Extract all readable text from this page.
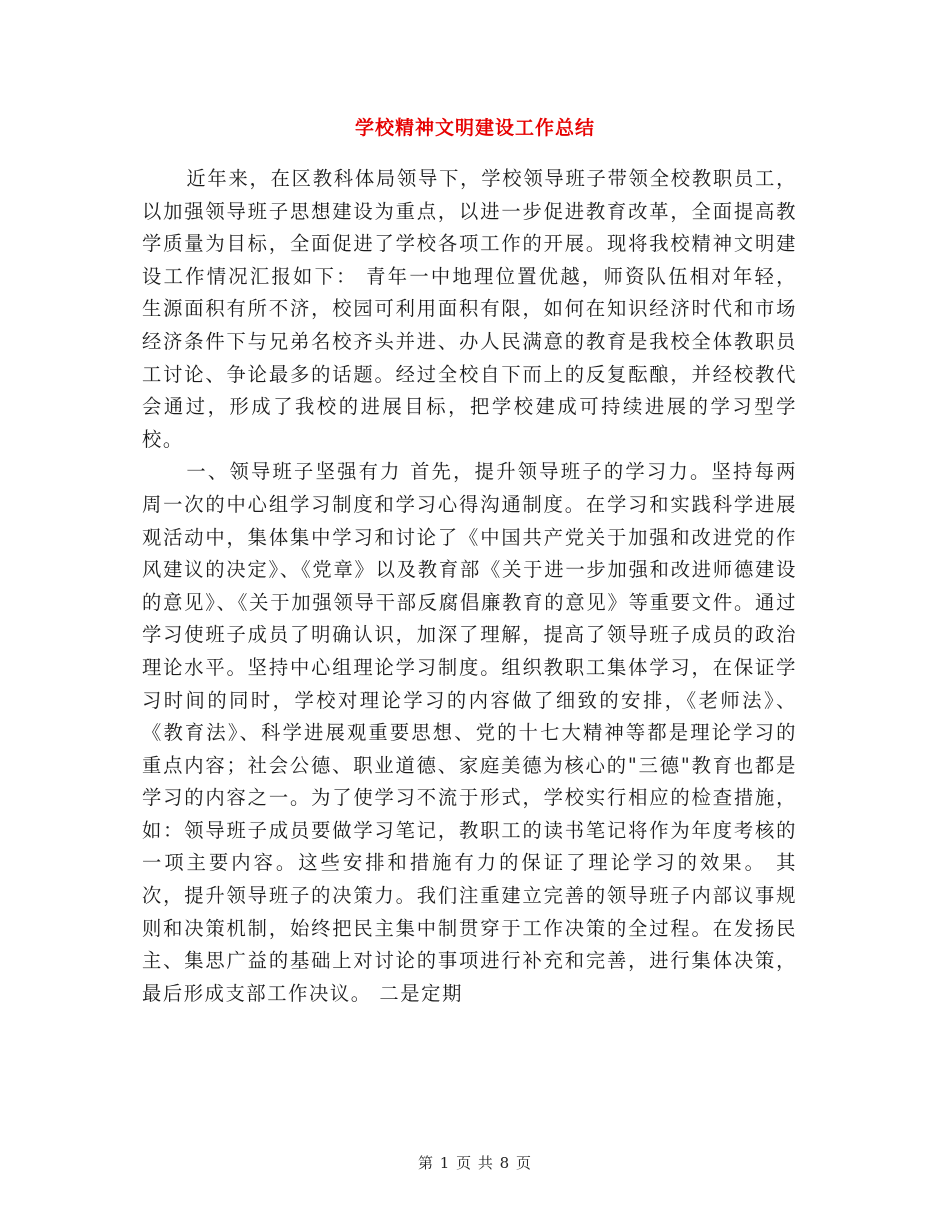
学校精神文明建设工作总结

近年来，在区教科体局领导下，学校领导班子带领全校教职员工，以加强领导班子思想建设为重点，以进一步促进教育改革，全面提高教学质量为目标，全面促进了学校各项工作的开展。现将我校精神文明建设工作情况汇报如下： 青年一中地理位置优越，师资队伍相对年轻，生源面积有所不济，校园可利用面积有限，如何在知识经济时代和市场经济条件下与兄弟名校齐头并进、办人民满意的教育是我校全体教职员工讨论、争论最多的话题。经过全校自下而上的反复酝酿，并经校教代会通过，形成了我校的进展目标，把学校建成可持续进展的学习型学校。

一、领导班子坚强有力 首先，提升领导班子的学习力。坚持每两周一次的中心组学习制度和学习心得沟通制度。在学习和实践科学进展观活动中，集体集中学习和讨论了《中国共产党关于加强和改进党的作风建议的决定》、《党章》以及教育部《关于进一步加强和改进师德建设的意见》、《关于加强领导干部反腐倡廉教育的意见》等重要文件。通过学习使班子成员了明确认识，加深了理解，提高了领导班子成员的政治理论水平。坚持中心组理论学习制度。组织教职工集体学习，在保证学习时间的同时，学校对理论学习的内容做了细致的安排，《老师法》、《教育法》、科学进展观重要思想、党的十七大精神等都是理论学习的重点内容；社会公德、职业道德、家庭美德为核心的"三德"教育也都是学习的内容之一。为了使学习不流于形式，学校实行相应的检查措施，如：领导班子成员要做学习笔记，教职工的读书笔记将作为年度考核的一项主要内容。这些安排和措施有力的保证了理论学习的效果。 其次，提升领导班子的决策力。我们注重建立完善的领导班子内部议事规则和决策机制，始终把民主集中制贯穿于工作决策的全过程。在发扬民主、集思广益的基础上对讨论的事项进行补充和完善，进行集体决策，最后形成支部工作决议。 二是定期

第 1 页 共 8 页
